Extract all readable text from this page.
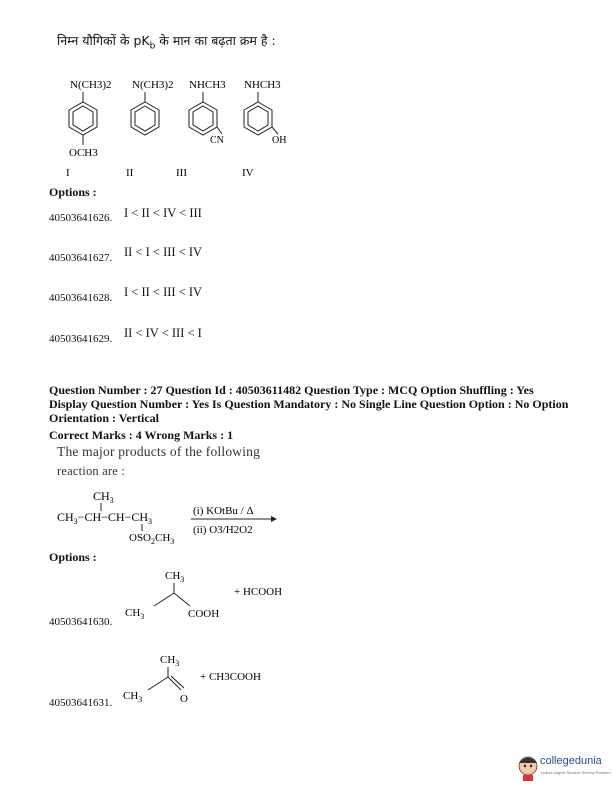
निम्न यौगिकों के $pK_b$ के मान का बढ़ता क्रम है :
N(CH3)2 N(CH3)2 NHCH3 NHCH3
OCH3
CN	OH
I	II	III	IV
Options :
40503641626. I < II < IV < III
40503641627. II < I < III < IV
40503641628. I < II < III < IV
40503641629. II < IV < III < I
Question Number : 27 Question Id : 40503611482 Question Type : MCQ Option Shuffling : Yes
Display Question Number : Yes Is Question Mandatory : No Single Line Question Option : No Option
Orientation : Vertical
Correct Marks : 4 Wrong Marks : 1
The major products of the following
reaction are :
$CH_3$
$CH_3-CH-CH-CH_3$
$OSO_2CH_3$
(i) KOtBu / Δ
(ii) O3/H2O2
Options :
$CH_3$
$CH_3$	COOH
+ HCOOH
40503641630.
$CH_3$
$CH_3$	O
+ CH3COOH
40503641631.
collegedunia
India's largest Student Review Platform
